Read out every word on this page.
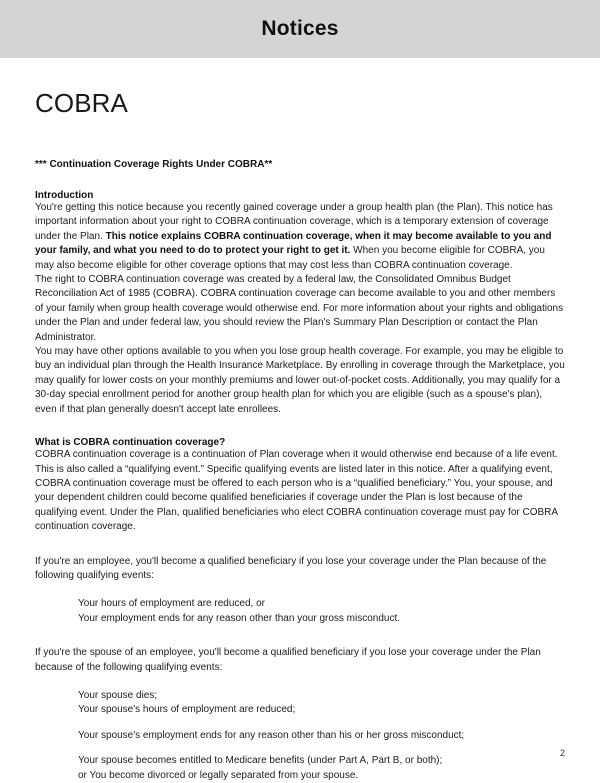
Notices
COBRA
*** Continuation Coverage Rights Under COBRA**
Introduction

You're getting this notice because you recently gained coverage under a group health plan (the Plan). This notice has important information about your right to COBRA continuation coverage, which is a temporary extension of coverage under the Plan. This notice explains COBRA continuation coverage, when it may become available to you and your family, and what you need to do to protect your right to get it. When you become eligible for COBRA, you may also become eligible for other coverage options that may cost less than COBRA continuation coverage.

The right to COBRA continuation coverage was created by a federal law, the Consolidated Omnibus Budget Reconciliation Act of 1985 (COBRA). COBRA continuation coverage can become available to you and other members of your family when group health coverage would otherwise end. For more information about your rights and obligations under the Plan and under federal law, you should review the Plan's Summary Plan Description or contact the Plan Administrator.

You may have other options available to you when you lose group health coverage. For example, you may be eligible to buy an individual plan through the Health Insurance Marketplace. By enrolling in coverage through the Marketplace, you may qualify for lower costs on your monthly premiums and lower out-of-pocket costs. Additionally, you may qualify for a 30-day special enrollment period for another group health plan for which you are eligible (such as a spouse's plan), even if that plan generally doesn't accept late enrollees.

What is COBRA continuation coverage?

COBRA continuation coverage is a continuation of Plan coverage when it would otherwise end because of a life event. This is also called a “qualifying event.” Specific qualifying events are listed later in this notice. After a qualifying event, COBRA continuation coverage must be offered to each person who is a “qualified beneficiary.” You, your spouse, and your dependent children could become qualified beneficiaries if coverage under the Plan is lost because of the qualifying event. Under the Plan, qualified beneficiaries who elect COBRA continuation coverage must pay for COBRA continuation coverage.

If you're an employee, you'll become a qualified beneficiary if you lose your coverage under the Plan because of the following qualifying events:

Your hours of employment are reduced, or
Your employment ends for any reason other than your gross misconduct.

If you're the spouse of an employee, you'll become a qualified beneficiary if you lose your coverage under the Plan because of the following qualifying events:

Your spouse dies;
Your spouse's hours of employment are reduced;
Your spouse's employment ends for any reason other than his or her gross misconduct;
Your spouse becomes entitled to Medicare benefits (under Part A, Part B, or both);
or You become divorced or legally separated from your spouse.
2
